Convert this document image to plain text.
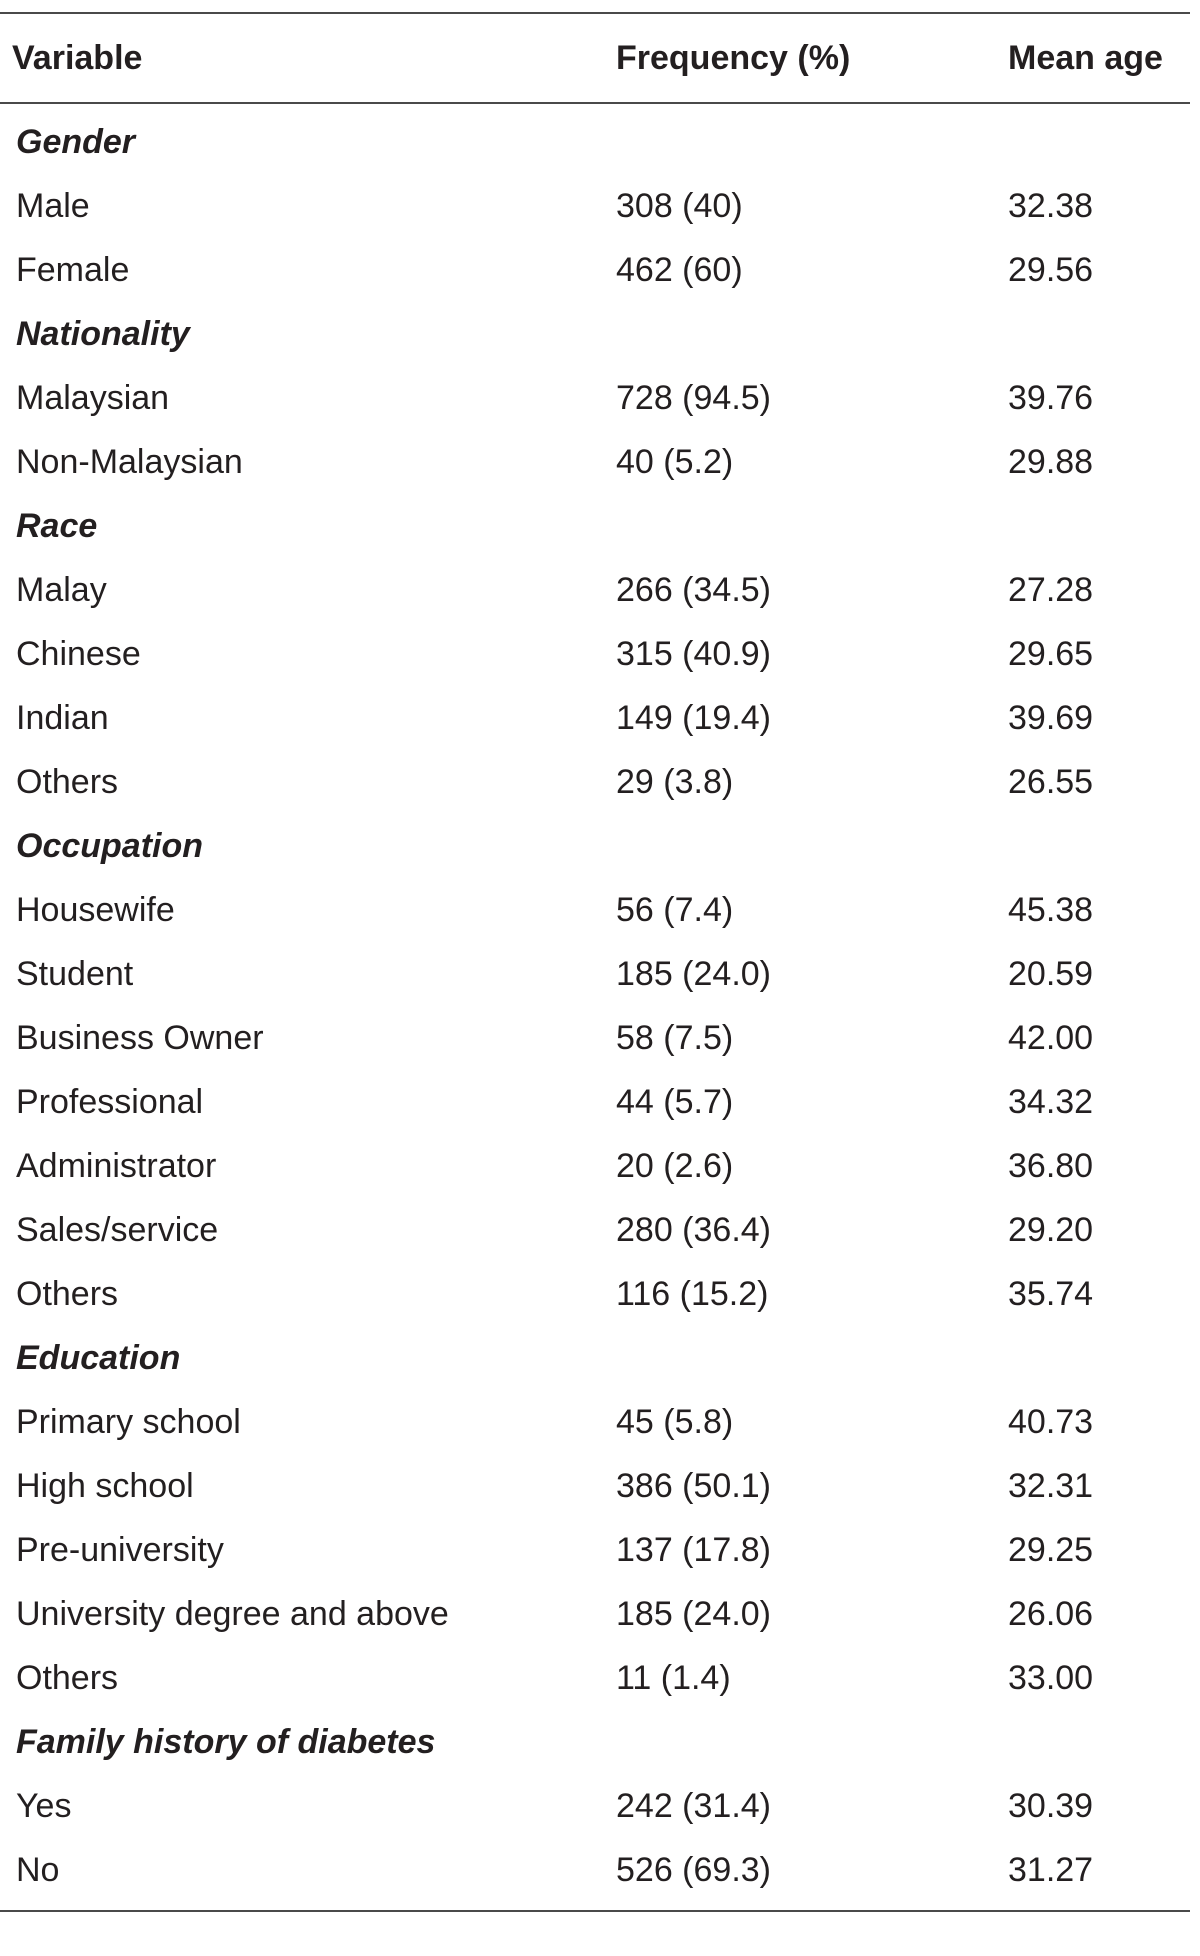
Variable	Frequency (%)	Mean age
Gender
Male	308 (40)	32.38
Female	462 (60)	29.56
Nationality
Malaysian	728 (94.5)	39.76
Non-Malaysian	40 (5.2)	29.88
Race
Malay	266 (34.5)	27.28
Chinese	315 (40.9)	29.65
Indian	149 (19.4)	39.69
Others	29 (3.8)	26.55
Occupation
Housewife	56 (7.4)	45.38
Student	185 (24.0)	20.59
Business Owner	58 (7.5)	42.00
Professional	44 (5.7)	34.32
Administrator	20 (2.6)	36.80
Sales/service	280 (36.4)	29.20
Others	116 (15.2)	35.74
Education
Primary school	45 (5.8)	40.73
High school	386 (50.1)	32.31
Pre-university	137 (17.8)	29.25
University degree and above	185 (24.0)	26.06
Others	11 (1.4)	33.00
Family history of diabetes
Yes	242 (31.4)	30.39
No	526 (69.3)	31.27
